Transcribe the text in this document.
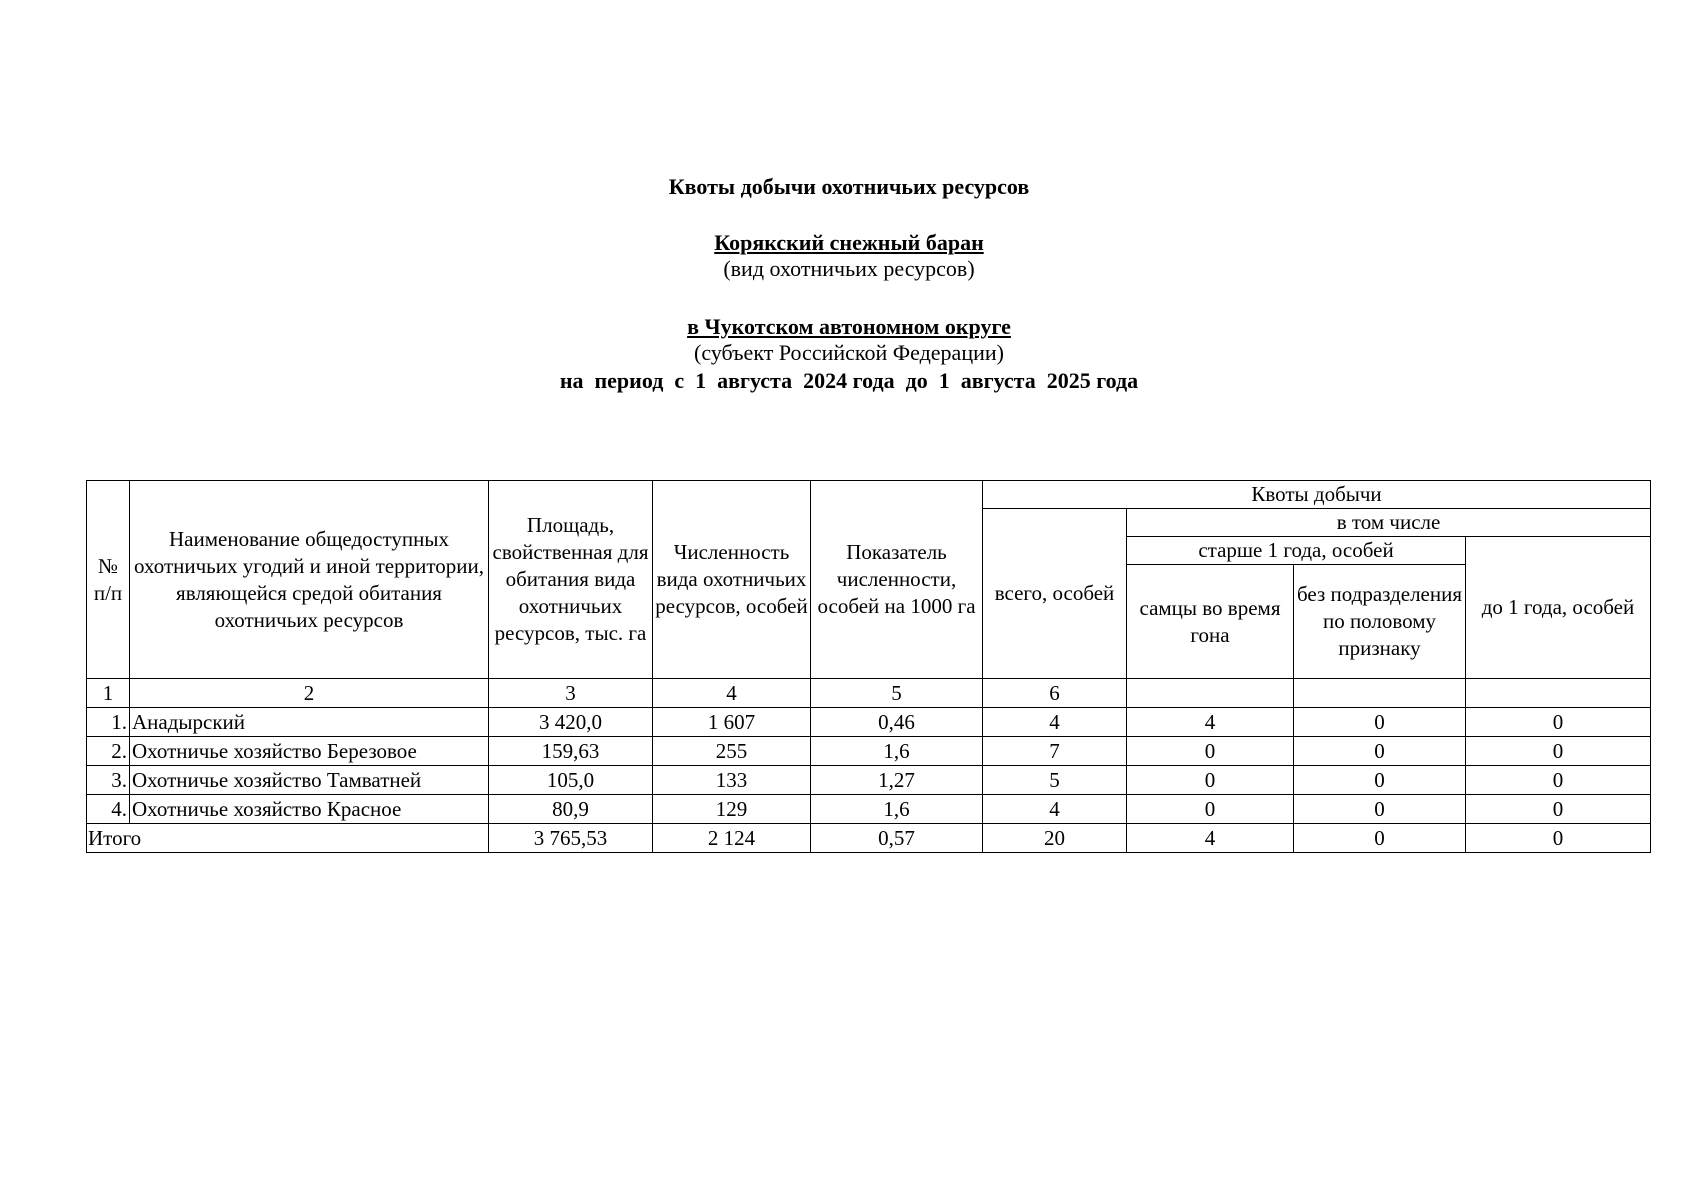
Квоты добычи охотничьих ресурсов
Корякский снежный баран
(вид охотничьих ресурсов)
в Чукотском автономном округе
(субъект Российской Федерации)
на  период  с  1  августа  2024 года  до  1  августа  2025 года
№ п/п	Наименование общедоступных охотничьих угодий и иной территории, являющейся средой обитания охотничьих ресурсов	Площадь, свойственная для обитания вида охотничьих ресурсов, тыс. га	Численность вида охотничьих ресурсов, особей	Показатель численности, особей на 1000 га	Квоты добычи			
					всего, особей	в том числе		
						старше 1 года, особей		до 1 года, особей
						самцы во время гона	без подразделения по половому признаку	
1	2	3	4	5	6			
1.	Анадырский	3 420,0	1 607	0,46	4	4	0	0
2.	Охотничье хозяйство Березовое	159,63	255	1,6	7	0	0	0
3.	Охотничье хозяйство Тамватней	105,0	133	1,27	5	0	0	0
4.	Охотничье хозяйство Красное	80,9	129	1,6	4	0	0	0
Итого		3 765,53	2 124	0,57	20	4	0	0
